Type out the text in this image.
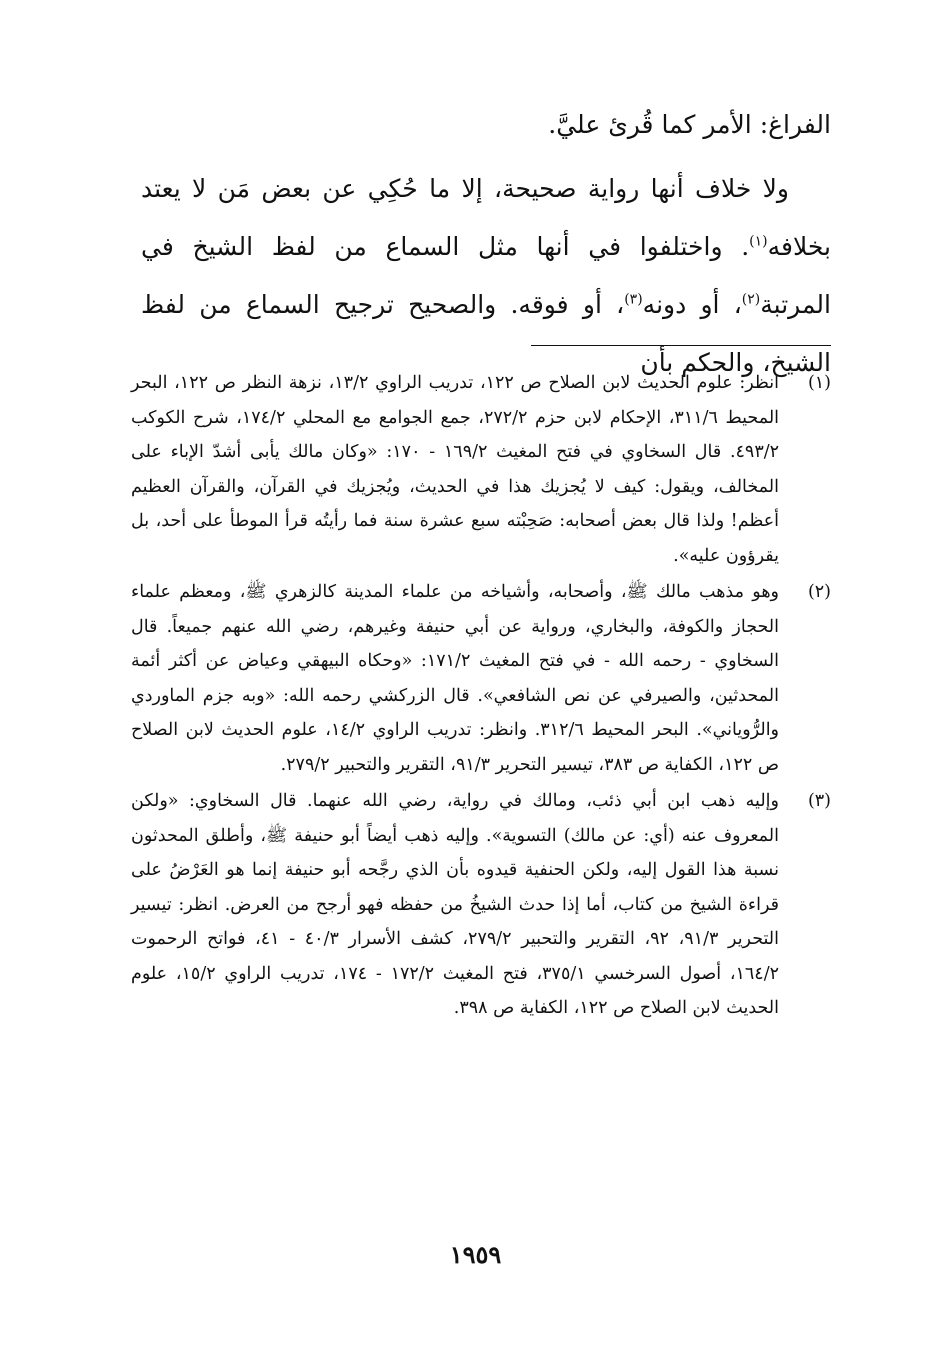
الفراغ: الأمر كما قُرئ عليَّ.

ولا خلاف أنها رواية صحيحة، إلا ما حُكِي عن بعض مَن لا يعتد بخلافه$^{(١)}$. واختلفوا في أنها مثل السماع من لفظ الشيخ في المرتبة$^{(٢)}$، أو دونه$^{(٣)}$، أو فوقه. والصحيح ترجيح السماع من لفظ الشيخ، والحكم بأن

(١)
انظر: علوم الحديث لابن الصلاح ص ١٢٢، تدريب الراوي ١٣/٢، نزهة النظر ص ١٢٢، البحر المحيط ٣١١/٦، الإحكام لابن حزم ٢٧٢/٢، جمع الجوامع مع المحلي ١٧٤/٢، شرح الكوكب ٤٩٣/٢. قال السخاوي في فتح المغيث ١٦٩/٢ - ١٧٠: «وكان مالك يأبى أشدّ الإباء على المخالف، ويقول: كيف لا يُجزيك هذا في الحديث، ويُجزيك في القرآن، والقرآن العظيم أعظم! ولذا قال بعض أصحابه: صَحِبْته سبع عشرة سنة فما رأيتُه قرأ الموطأ على أحد، بل يقرؤون عليه».
(٢)
وهو مذهب مالك ﷺ، وأصحابه، وأشياخه من علماء المدينة كالزهري ﷺ، ومعظم علماء الحجاز والكوفة، والبخاري، ورواية عن أبي حنيفة وغيرهم، رضي الله عنهم جميعاً. قال السخاوي - رحمه الله - في فتح المغيث ١٧١/٢: «وحكاه البيهقي وعياض عن أكثر أئمة المحدثين، والصيرفي عن نص الشافعي». قال الزركشي رحمه الله: «وبه جزم الماوردي والرُّوياني». البحر المحيط ٣١٢/٦. وانظر: تدريب الراوي ١٤/٢، علوم الحديث لابن الصلاح ص ١٢٢، الكفاية ص ٣٨٣، تيسير التحرير ٩١/٣، التقرير والتحبير ٢٧٩/٢.
(٣)
وإليه ذهب ابن أبي ذئب، ومالك في رواية، رضي الله عنهما. قال السخاوي: «ولكن المعروف عنه (أي: عن مالك) التسوية». وإليه ذهب أيضاً أبو حنيفة ﷺ، وأطلق المحدثون نسبة هذا القول إليه، ولكن الحنفية قيدوه بأن الذي رجَّحه أبو حنيفة إنما هو العَرْضُ على قراءة الشيخ من كتاب، أما إذا حدث الشيخُ من حفظه فهو أرجح من العرض. انظر: تيسير التحرير ٩١/٣، ٩٢، التقرير والتحبير ٢٧٩/٢، كشف الأسرار ٤٠/٣ - ٤١، فواتح الرحموت ١٦٤/٢، أصول السرخسي ٣٧٥/١، فتح المغيث ١٧٢/٢ - ١٧٤، تدريب الراوي ١٥/٢، علوم الحديث لابن الصلاح ص ١٢٢، الكفاية ص ٣٩٨.
١٩٥٩
